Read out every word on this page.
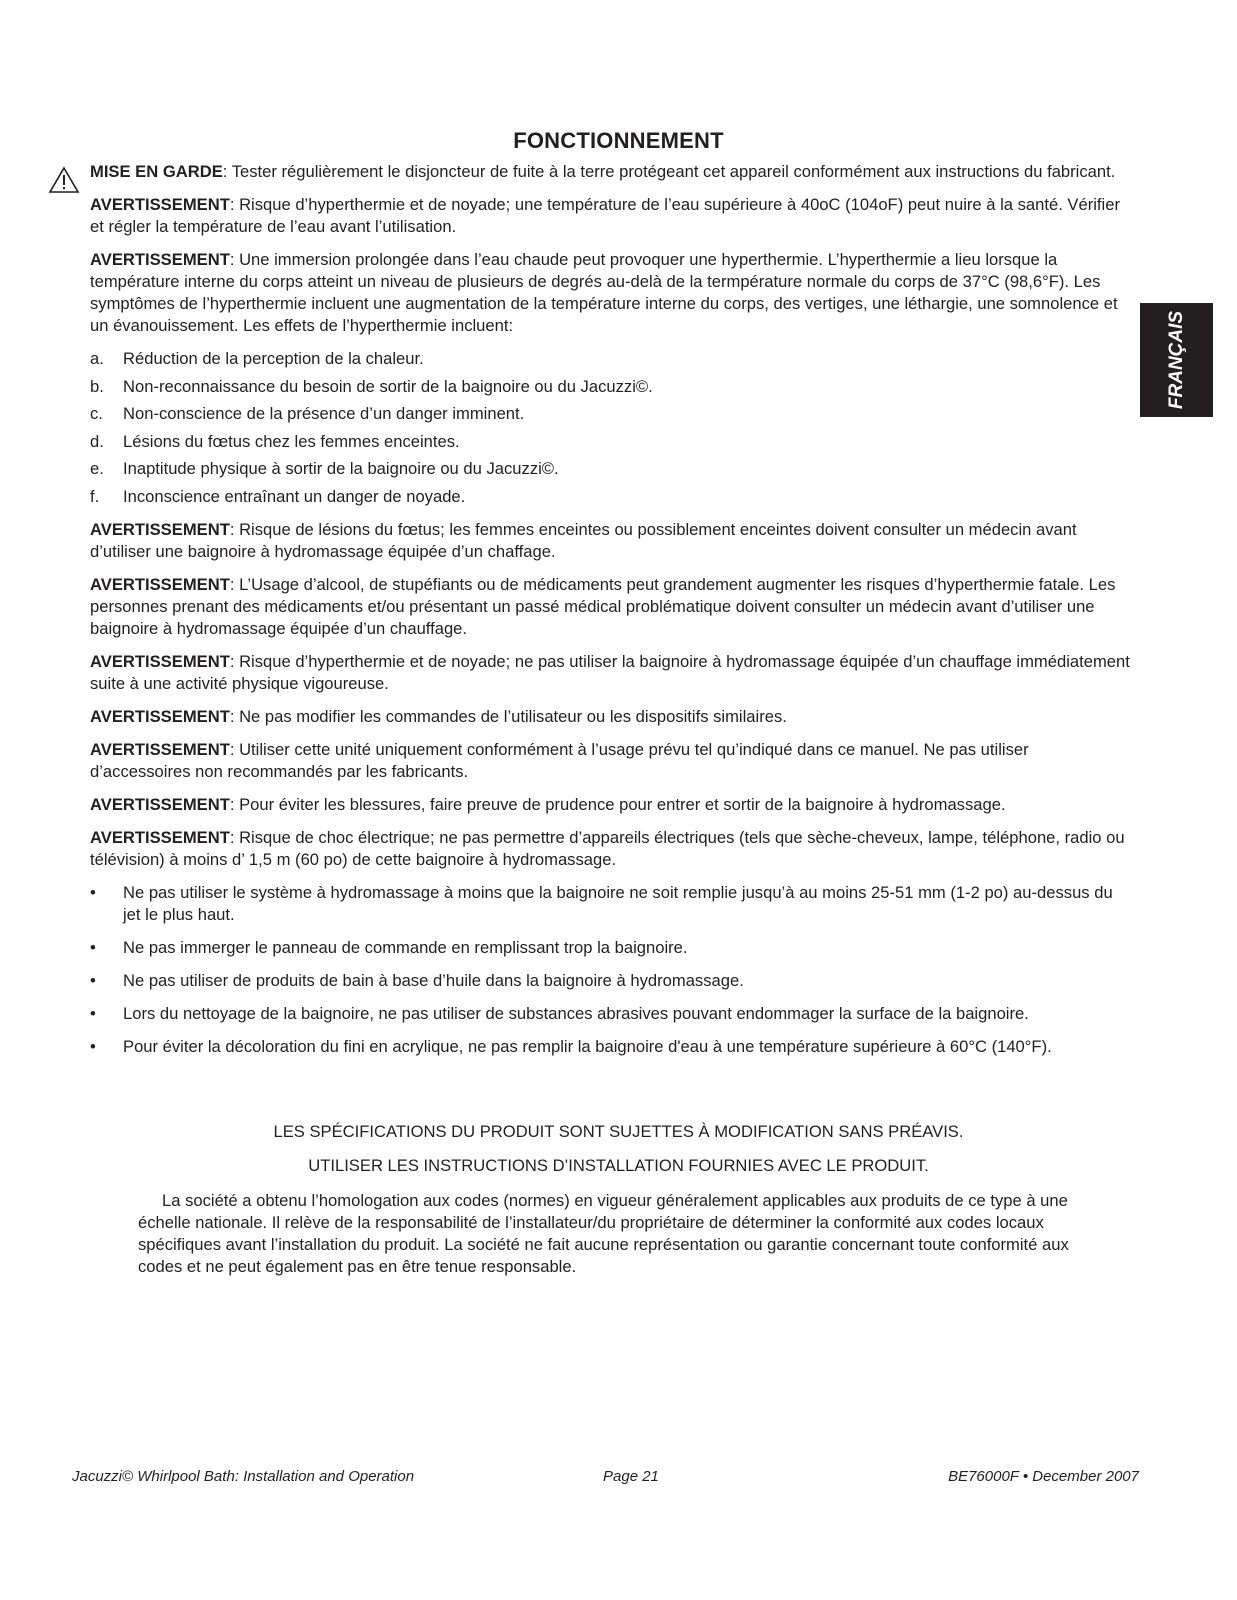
FONCTIONNEMENT

MISE EN GARDE: Tester régulièrement le disjoncteur de fuite à la terre protégeant cet appareil conformément aux instructions du fabricant.

AVERTISSEMENT: Risque d’hyperthermie et de noyade; une température de l’eau supérieure à 40oC (104oF) peut nuire à la santé. Vérifier et régler la température de l’eau avant l’utilisation.

AVERTISSEMENT: Une immersion prolongée dans l’eau chaude peut provoquer une hyperthermie. L’hyperthermie a lieu lorsque la température interne du corps atteint un niveau de plusieurs de degrés au-delà de la termpérature normale du corps de 37°C (98,6°F). Les symptômes de l’hyperthermie incluent une augmentation de la température interne du corps, des vertiges, une léthargie, une somnolence et un évanouissement. Les effets de l’hyperthermie incluent:

a. Réduction de la perception de la chaleur.
b. Non-reconnaissance du besoin de sortir de la baignoire ou du Jacuzzi©.
c. Non-conscience de la présence d’un danger imminent.
d. Lésions du fœtus chez les femmes enceintes.
e. Inaptitude physique à sortir de la baignoire ou du Jacuzzi©.
f. Inconscience entraînant un danger de noyade.

AVERTISSEMENT: Risque de lésions du fœtus; les femmes enceintes ou possiblement enceintes doivent consulter un médecin avant d’utiliser une baignoire à hydromassage équipée d’un chaffage.

AVERTISSEMENT: L’Usage d’alcool, de stupéfiants ou de médicaments peut grandement augmenter les risques d’hyperthermie fatale. Les personnes prenant des médicaments et/ou présentant un passé médical problématique doivent consulter un médecin avant d’utiliser une baignoire à hydromassage équipée d’un chauffage.

AVERTISSEMENT: Risque d’hyperthermie et de noyade; ne pas utiliser la baignoire à hydromassage équipée d’un chauffage immédiatement suite à une activité physique vigoureuse.

AVERTISSEMENT: Ne pas modifier les commandes de l’utilisateur ou les dispositifs similaires.

AVERTISSEMENT: Utiliser cette unité uniquement conformément à l’usage prévu tel qu’indiqué dans ce manuel. Ne pas utiliser d’accessoires non recommandés par les fabricants.

AVERTISSEMENT: Pour éviter les blessures, faire preuve de prudence pour entrer et sortir de la baignoire à hydromassage.

AVERTISSEMENT: Risque de choc électrique; ne pas permettre d’appareils électriques (tels que sèche-cheveux, lampe, téléphone, radio ou télévision) à moins d’ 1,5 m (60 po) de cette baignoire à hydromassage.

• Ne pas utiliser le système à hydromassage à moins que la baignoire ne soit remplie jusqu’à au moins 25-51 mm (1-2 po) au-dessus du jet le plus haut.
• Ne pas immerger le panneau de commande en remplissant trop la baignoire.
• Ne pas utiliser de produits de bain à base d’huile dans la baignoire à hydromassage.
• Lors du nettoyage de la baignoire, ne pas utiliser de substances abrasives pouvant endommager la surface de la baignoire.
• Pour éviter la décoloration du fini en acrylique, ne pas remplir la baignoire d'eau à une température supérieure à 60°C (140°F).
LES SPÉCIFICATIONS DU PRODUIT SONT SUJETTES À MODIFICATION SANS PRÉAVIS.
UTILISER LES INSTRUCTIONS D’INSTALLATION FOURNIES AVEC LE PRODUIT.
La société a obtenu l’homologation aux codes (normes) en vigueur généralement applicables aux produits de ce type à une échelle nationale. Il relève de la responsabilité de l’installateur/du propriétaire de déterminer la conformité aux codes locaux spécifiques avant l’installation du produit. La société ne fait aucune représentation ou garantie concernant toute conformité aux codes et ne peut également pas en être tenue responsable.
FRANÇAIS
Jacuzzi© Whirlpool Bath: Installation and Operation	Page 21	BE76000F • December 2007
